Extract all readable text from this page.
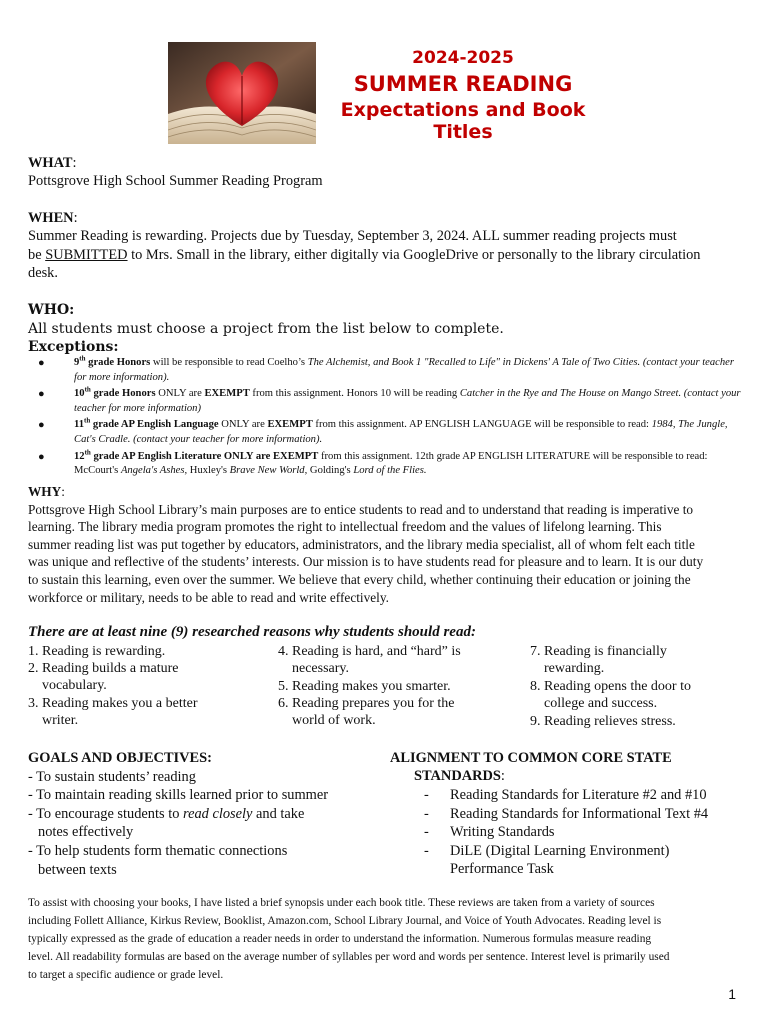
2024-2025
SUMMER READING
Expectations and Book Titles
WHAT:
Pottsgrove High School Summer Reading Program
WHEN:
Summer Reading is rewarding. Projects due by Tuesday, September 3, 2024. ALL summer reading projects must
be SUBMITTED to Mrs. Small in the library, either digitally via GoogleDrive or personally to the library circulation
desk.
WHO:
All students must choose a project from the list below to complete.
Exceptions:
●	9th grade Honors will be responsible to read Coelho’s The Alchemist, and Book 1 "Recalled to Life" in Dickens' A Tale of Two Cities. (contact your teacher for more information).
●	10th grade Honors ONLY are EXEMPT from this assignment. Honors 10 will be reading Catcher in the Rye and The House on Mango Street. (contact your teacher for more information)
●	11th grade AP English Language ONLY are EXEMPT from this assignment. AP ENGLISH LANGUAGE will be responsible to read: 1984, The Jungle, Cat's Cradle. (contact your teacher for more information).
●	12th grade AP English Literature ONLY are EXEMPT from this assignment. 12th grade AP ENGLISH LITERATURE will be responsible to read: McCourt's Angela's Ashes, Huxley's Brave New World, Golding's Lord of the Flies.
WHY:
Pottsgrove High School Library’s main purposes are to entice students to read and to understand that reading is imperative to
learning. The library media program promotes the right to intellectual freedom and the values of lifelong learning. This
summer reading list was put together by educators, administrators, and the library media specialist, all of whom felt each title
was unique and reflective of the students’ interests. Our mission is to have students read for pleasure and to learn. It is our duty
to sustain this learning, even over the summer. We believe that every child, whether continuing their education or joining the
workforce or military, needs to be able to read and write effectively.
There are at least nine (9) researched reasons why students should read:
1. Reading is rewarding.
2. Reading builds a mature
vocabulary.
3. Reading makes you a better
writer.
4. Reading is hard, and “hard” is
necessary.
5. Reading makes you smarter.
6. Reading prepares you for the
world of work.
7. Reading is financially
rewarding.
8. Reading opens the door to
college and success.
9. Reading relieves stress.
GOALS AND OBJECTIVES:
- To sustain students’ reading
- To maintain reading skills learned prior to summer
- To encourage students to read closely and take
notes effectively
- To help students form thematic connections
between texts
ALIGNMENT TO COMMON CORE STATE
STANDARDS:
-	Reading Standards for Literature #2 and #10
-	Reading Standards for Informational Text #4
-	Writing Standards
-	DiLE (Digital Learning Environment)
Performance Task
To assist with choosing your books, I have listed a brief synopsis under each book title. These reviews are taken from a variety of sources
including Follett Alliance, Kirkus Review, Booklist, Amazon.com, School Library Journal, and Voice of Youth Advocates. Reading level is
typically expressed as the grade of education a reader needs in order to understand the information. Numerous formulas measure reading
level. All readability formulas are based on the average number of syllables per word and words per sentence. Interest level is primarily used
to target a specific audience or grade level.
1
